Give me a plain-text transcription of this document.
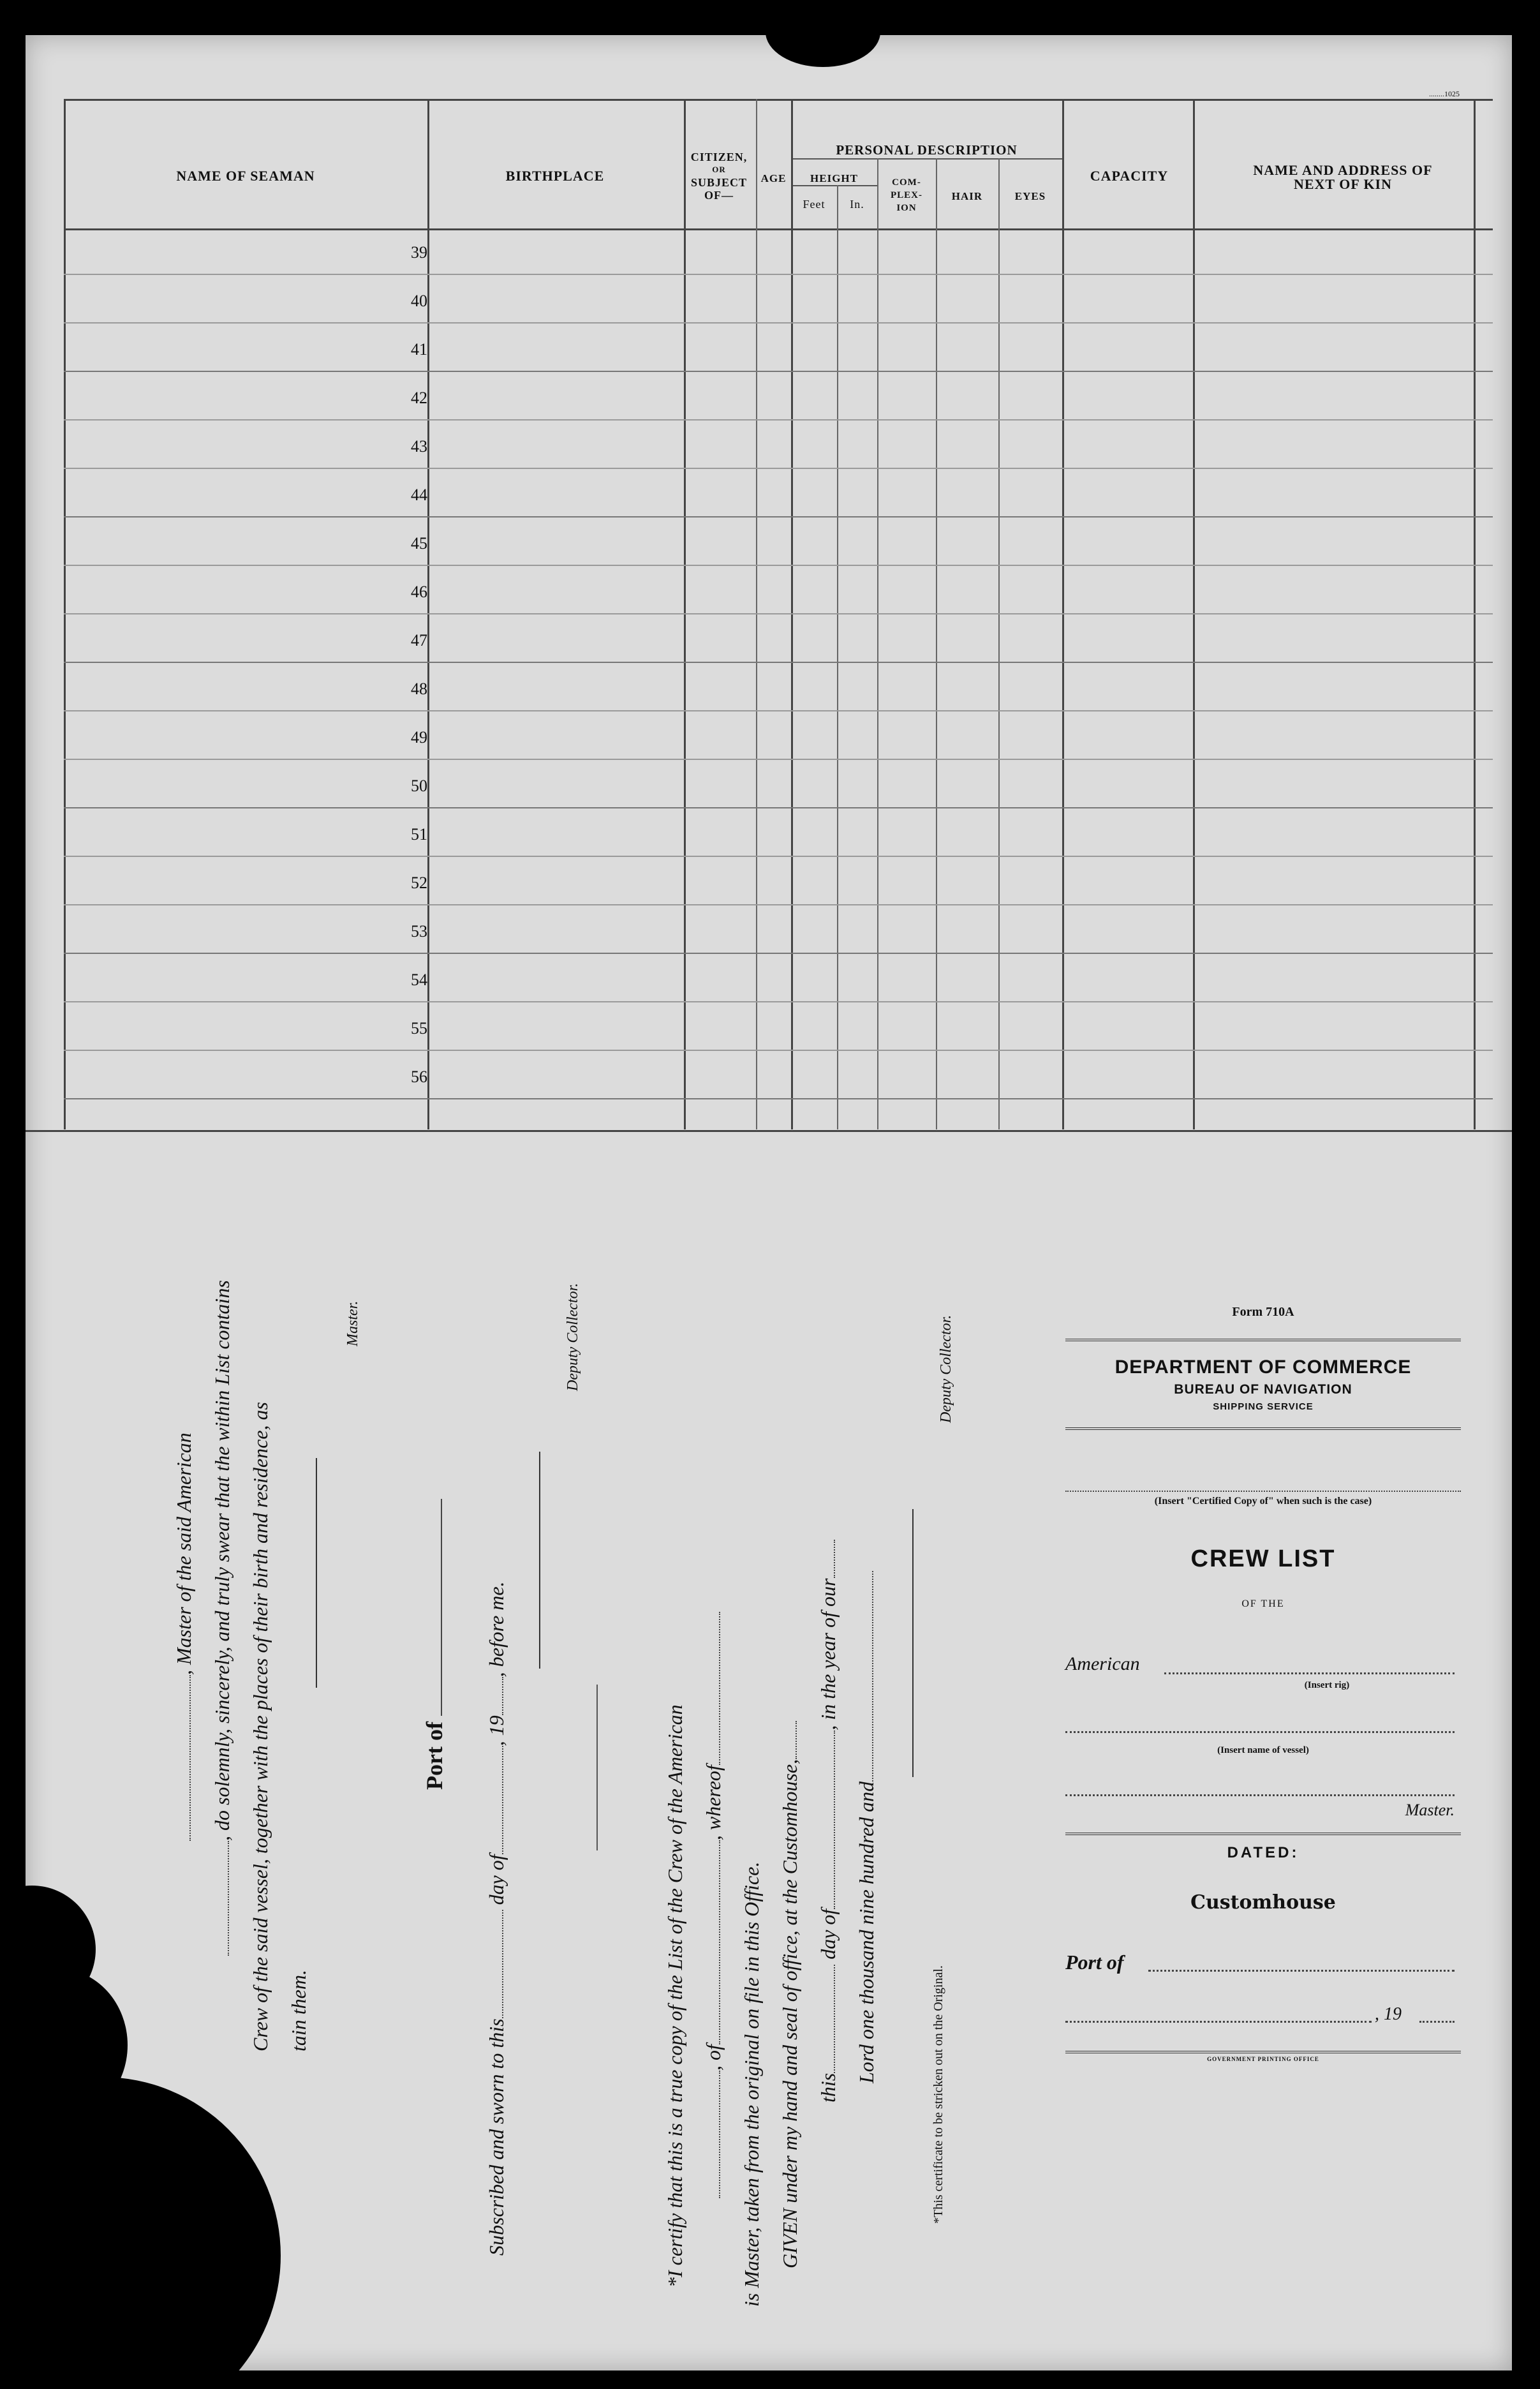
........1025
NAME OF SEAMAN	BIRTHPLACE
CITIZEN,
OR
SUBJECT
OF—
AGE
PERSONAL DESCRIPTION
HEIGHT
Feet	In.
COM-
PLEX-
ION
HAIR	EYES
CAPACITY	NAME AND ADDRESS OF
NEXT OF KIN
39
40
41
42
43
44
45
46
47
48
49
50
51
52
53
54
55
56
, Master of the said American , do solemnly, sincerely, and truly swear that the within List contains Crew of the said vessel, together with the places of their birth and residence, as tain them.
Master.
Port of
Subscribed and sworn to this day of, 19, before me.
Deputy Collector.
*I certify that this is a true copy of the List of the Crew of the American , of, whereof
is Master, taken from the original on file in this Office. GIVEN under my hand and seal of office, at the Customhouse, this day of, in the year of our
Lord one thousand nine hundred and
Deputy Collector.
*This certificate to be stricken out on the Original.
Form 710A
DEPARTMENT OF COMMERCE
BUREAU OF NAVIGATION
SHIPPING SERVICE
(Insert "Certified Copy of" when such is the case)
CREW LIST
OF THE
American
(Insert rig)
(Insert name of vessel)
Master.
DATED:
Customhouse
Port of
, 19
GOVERNMENT PRINTING OFFICE
